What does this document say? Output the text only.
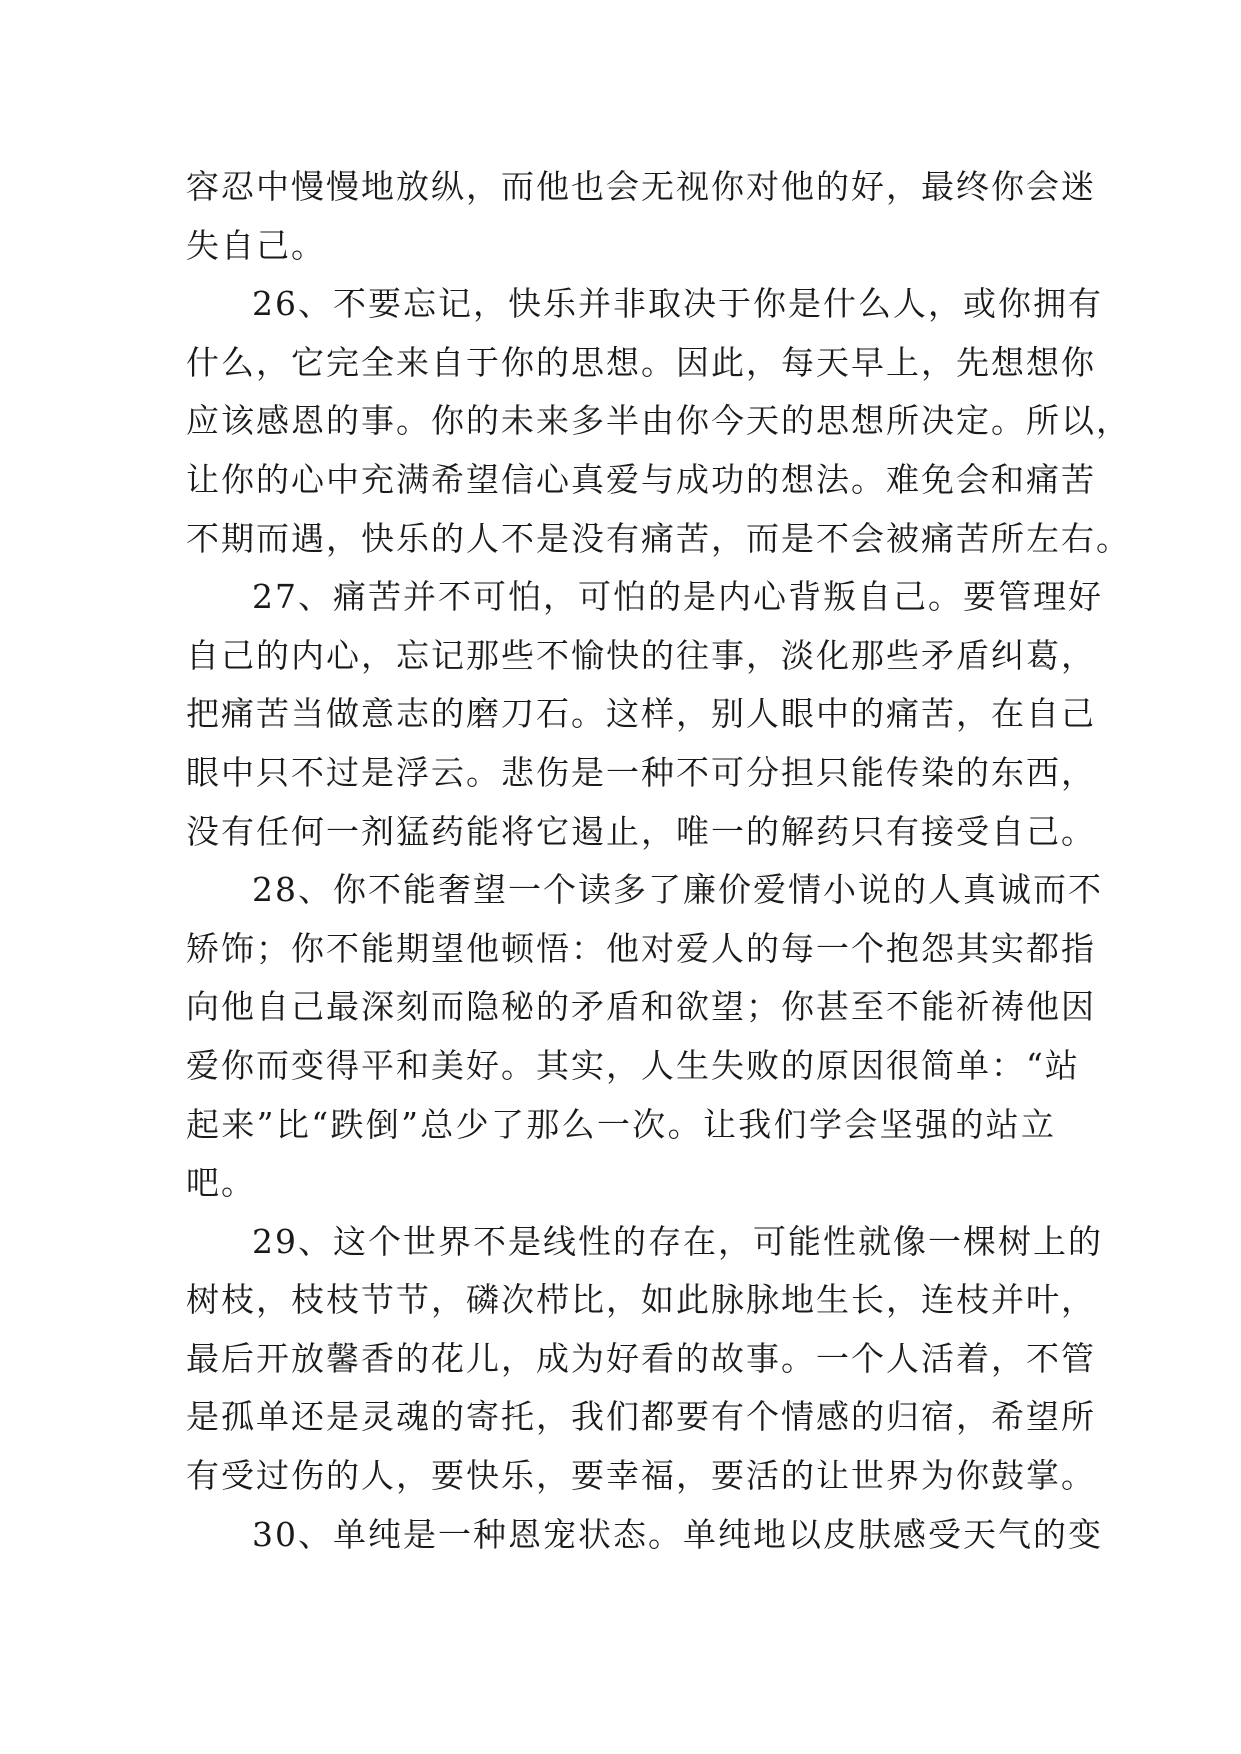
容忍中慢慢地放纵，而他也会无视你对他的好，最终你会迷
失自己。
26、不要忘记，快乐并非取决于你是什么人，或你拥有
什么，它完全来自于你的思想。因此，每天早上，先想想你
应该感恩的事。你的未来多半由你今天的思想所决定。所以，
让你的心中充满希望信心真爱与成功的想法。难免会和痛苦
不期而遇，快乐的人不是没有痛苦，而是不会被痛苦所左右。
27、痛苦并不可怕，可怕的是内心背叛自己。要管理好
自己的内心，忘记那些不愉快的往事，淡化那些矛盾纠葛，
把痛苦当做意志的磨刀石。这样，别人眼中的痛苦，在自己
眼中只不过是浮云。悲伤是一种不可分担只能传染的东西，
没有任何一剂猛药能将它遏止，唯一的解药只有接受自己。
28、你不能奢望一个读多了廉价爱情小说的人真诚而不
矫饰；你不能期望他顿悟：他对爱人的每一个抱怨其实都指
向他自己最深刻而隐秘的矛盾和欲望；你甚至不能祈祷他因
爱你而变得平和美好。其实，人生失败的原因很简单：“站
起来”比“跌倒”总少了那么一次。让我们学会坚强的站立
吧。
29、这个世界不是线性的存在，可能性就像一棵树上的
树枝，枝枝节节，磷次栉比，如此脉脉地生长，连枝并叶，
最后开放馨香的花儿，成为好看的故事。一个人活着，不管
是孤单还是灵魂的寄托，我们都要有个情感的归宿，希望所
有受过伤的人，要快乐，要幸福，要活的让世界为你鼓掌。
30、单纯是一种恩宠状态。单纯地以皮肤感受天气的变
